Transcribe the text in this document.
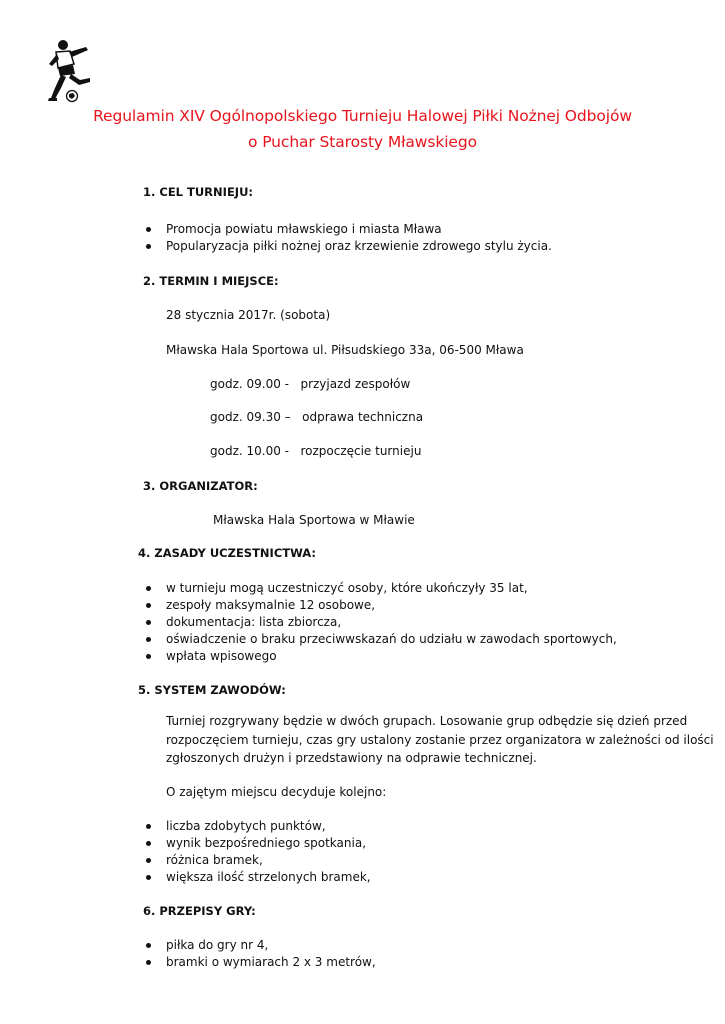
Regulamin XIV Ogólnopolskiego Turnieju Halowej Piłki Nożnej Odbojów
o Puchar Starosty Mławskiego
1. CEL TURNIEJU:
Promocja powiatu mławskiego i miasta Mława
Popularyzacja piłki nożnej oraz krzewienie zdrowego stylu życia.
2. TERMIN I MIEJSCE:
28 stycznia 2017r. (sobota)
Mławska Hala Sportowa ul. Piłsudskiego 33a, 06-500 Mława
godz. 09.00 -   przyjazd zespołów
godz. 09.30 –   odprawa techniczna
godz. 10.00 -   rozpoczęcie turnieju
3. ORGANIZATOR:
Mławska Hala Sportowa w Mławie
4. ZASADY UCZESTNICTWA:
w turnieju mogą uczestniczyć osoby, które ukończyły 35 lat,
zespoły maksymalnie 12 osobowe,
dokumentacja: lista zbiorcza,
oświadczenie o braku przeciwwskazań do udziału w zawodach sportowych,
wpłata wpisowego
5. SYSTEM ZAWODÓW:
Turniej rozgrywany będzie w dwóch grupach. Losowanie grup odbędzie się dzień przed
rozpoczęciem turnieju, czas gry ustalony zostanie przez organizatora w zależności od ilości
zgłoszonych drużyn i przedstawiony na odprawie technicznej.
O zajętym miejscu decyduje kolejno:
liczba zdobytych punktów,
wynik bezpośredniego spotkania,
różnica bramek,
większa ilość strzelonych bramek,
6. PRZEPISY GRY:
piłka do gry nr 4,
bramki o wymiarach 2 x 3 metrów,
